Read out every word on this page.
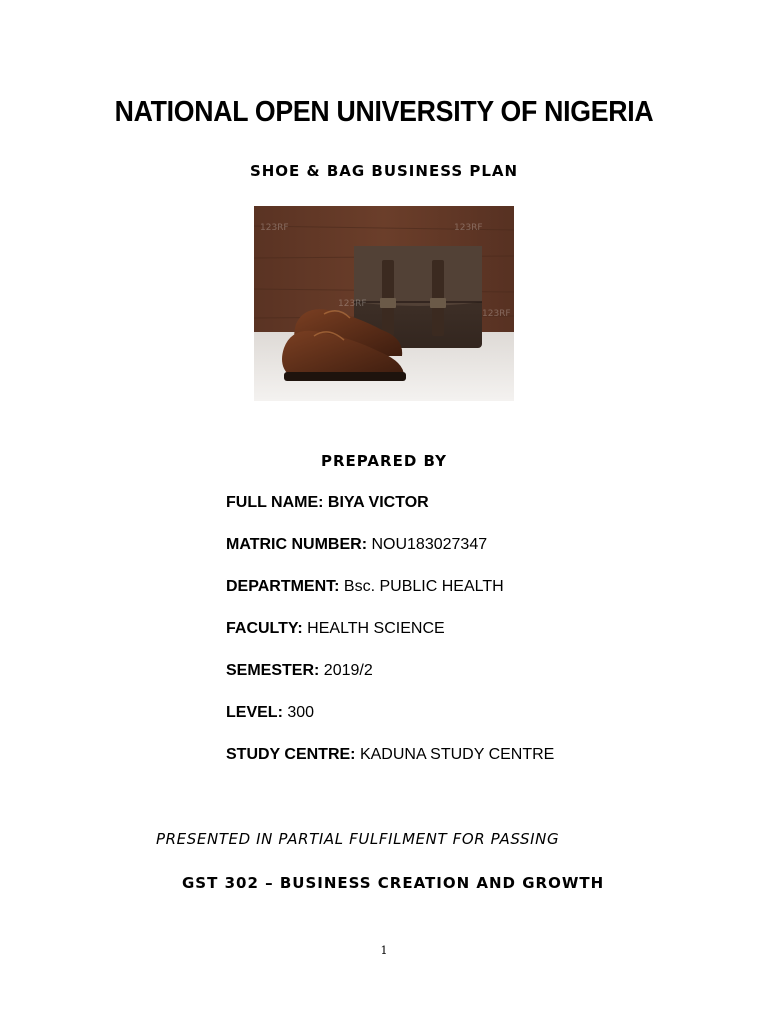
NATIONAL OPEN UNIVERSITY OF NIGERIA
SHOE & BAG BUSINESS PLAN
123RF	123RF
123RF
123RF
PREPARED BY
FULL NAME: BIYA VICTOR
MATRIC NUMBER: NOU183027347
DEPARTMENT: Bsc. PUBLIC HEALTH
FACULTY: HEALTH SCIENCE
SEMESTER: 2019/2
LEVEL: 300
STUDY CENTRE: KADUNA STUDY CENTRE
PRESENTED IN PARTIAL FULFILMENT FOR PASSING
GST 302 – BUSINESS CREATION AND GROWTH
1
